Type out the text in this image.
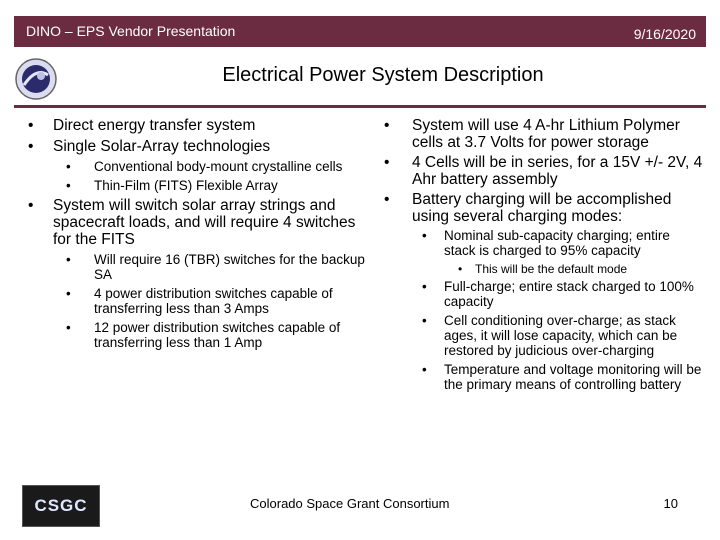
DINO – EPS Vendor Presentation	9/16/2020
Electrical Power System Description
• Direct energy transfer system
• Single Solar-Array technologies
• Conventional body-mount crystalline cells
• Thin-Film (FITS) Flexible Array
• System will switch solar array strings and spacecraft loads, and will require 4 switches for the FITS
• Will require 16 (TBR) switches for the backup SA
• 4 power distribution switches capable of transferring less than 3 Amps
• 12 power distribution switches capable of transferring less than 1 Amp
• System will use 4 A-hr Lithium Polymer cells at 3.7 Volts for power storage
• 4 Cells will be in series, for a 15V +/- 2V, 4 Ahr battery assembly
• Battery charging will be accomplished using several charging modes:
• Nominal sub-capacity charging; entire stack is charged to 95% capacity
• This will be the default mode
• Full-charge; entire stack charged to 100% capacity
• Cell conditioning over-charge; as stack ages, it will lose capacity, which can be restored by judicious over-charging
• Temperature and voltage monitoring will be the primary means of controlling battery
CSGC	Colorado Space Grant Consortium	10
